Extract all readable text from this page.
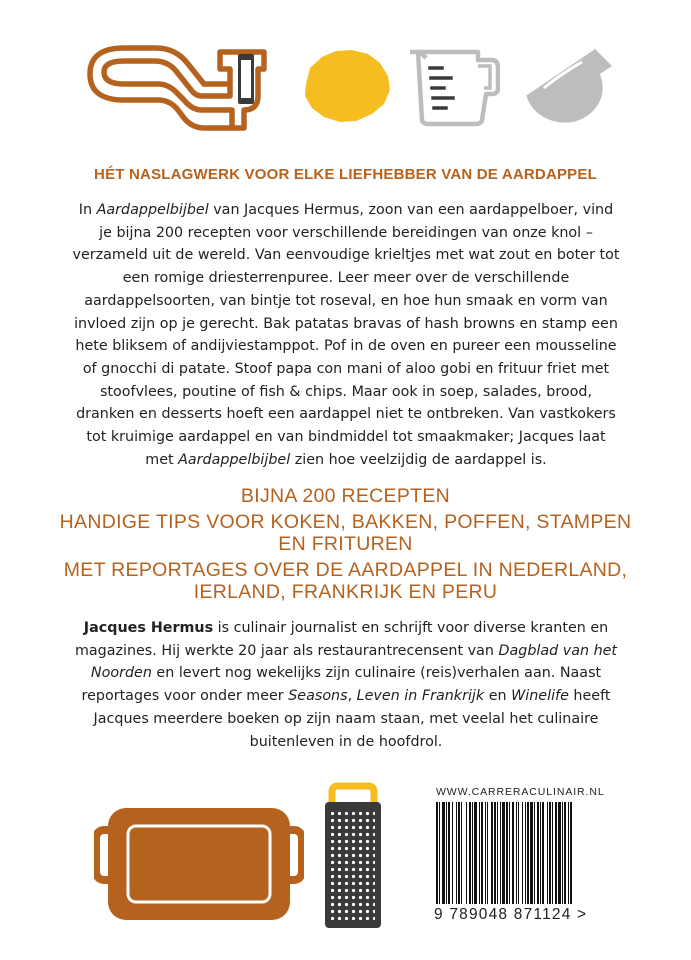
HÉT NASLAGWERK VOOR ELKE LIEFHEBBER VAN DE AARDAPPEL

In Aardappelbijbel van Jacques Hermus, zoon van een aardappelboer, vind je bijna 200 recepten voor verschillende bereidingen van onze knol – verzameld uit de wereld. Van eenvoudige krieltjes met wat zout en boter tot een romige driesterrenpuree. Leer meer over de verschillende aardappelsoorten, van bintje tot roseval, en hoe hun smaak en vorm van invloed zijn op je gerecht. Bak patatas bravas of hash browns en stamp een hete bliksem of andijviestamppot. Pof in de oven en pureer een mousseline of gnocchi di patate. Stoof papa con mani of aloo gobi en frituur friet met stoofvlees, poutine of fish & chips. Maar ook in soep, salades, brood, dranken en desserts hoeft een aardappel niet te ontbreken. Van vastkokers tot kruimige aardappel en van bindmiddel tot smaakmaker; Jacques laat met Aardappelbijbel zien hoe veelzijdig de aardappel is.

BIJNA 200 RECEPTEN
HANDIGE TIPS VOOR KOKEN, BAKKEN, POFFEN, STAMPEN
EN FRITUREN
MET REPORTAGES OVER DE AARDAPPEL IN NEDERLAND,
IERLAND, FRANKRIJK EN PERU

Jacques Hermus is culinair journalist en schrijft voor diverse kranten en magazines. Hij werkte 20 jaar als restaurantrecensent van Dagblad van het Noorden en levert nog wekelijks zijn culinaire (reis)verhalen aan. Naast reportages voor onder meer Seasons, Leven in Frankrijk en Winelife heeft Jacques meerdere boeken op zijn naam staan, met veelal het culinaire buitenleven in de hoofdrol.

WWW.CARRERACULINAIR.NL
9 789048 871124 >
